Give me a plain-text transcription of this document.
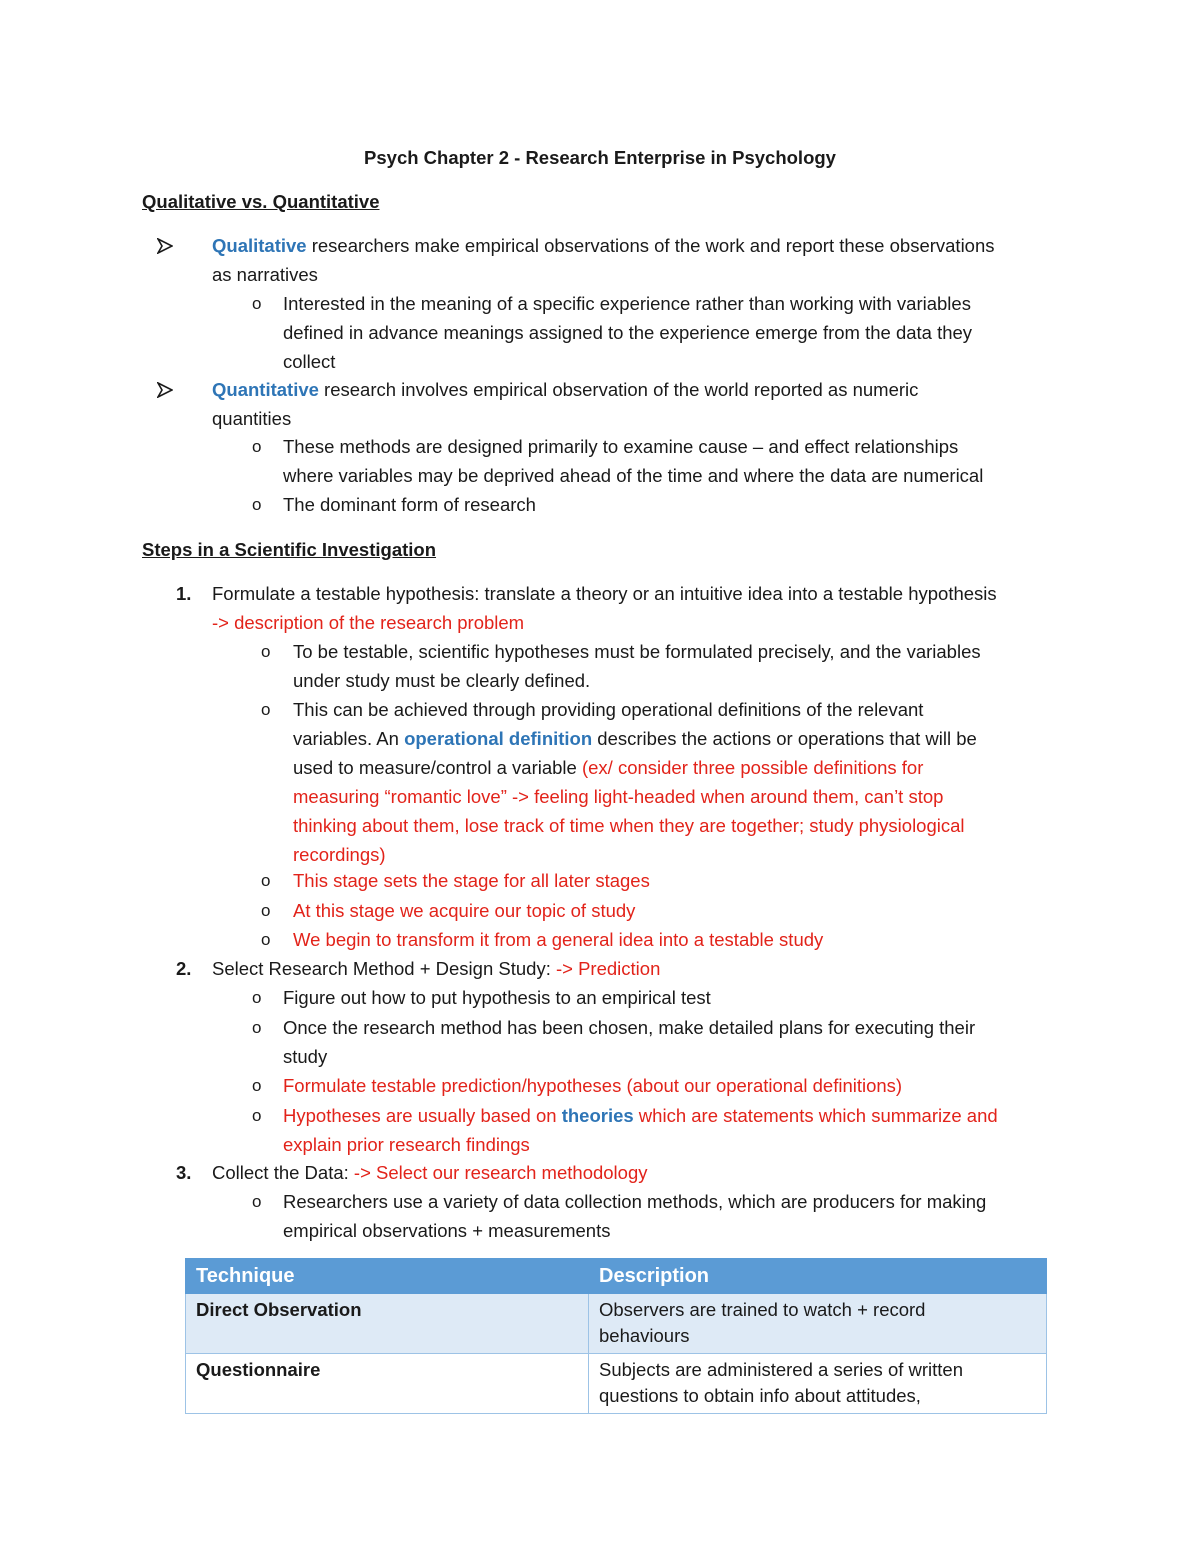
Psych Chapter 2 - Research Enterprise in Psychology
Qualitative vs. Quantitative
Qualitative researchers make empirical observations of the work and report these observations
as narratives
o	Interested in the meaning of a specific experience rather than working with variables
defined in advance meanings assigned to the experience emerge from the data they
collect
Quantitative research involves empirical observation of the world reported as numeric
quantities
o	These methods are designed primarily to examine cause – and effect relationships
where variables may be deprived ahead of the time and where the data are numerical
o	The dominant form of research
Steps in a Scientific Investigation
1. Formulate a testable hypothesis: translate a theory or an intuitive idea into a testable hypothesis
-> description of the research problem
o	To be testable, scientific hypotheses must be formulated precisely, and the variables
under study must be clearly defined.
o	This can be achieved through providing operational definitions of the relevant
variables. An operational definition describes the actions or operations that will be
used to measure/control a variable (ex/ consider three possible definitions for
measuring “romantic love” -> feeling light-headed when around them, can’t stop
thinking about them, lose track of time when they are together; study physiological
recordings)
o	This stage sets the stage for all later stages
o	At this stage we acquire our topic of study
o	We begin to transform it from a general idea into a testable study
2. Select Research Method + Design Study: -> Prediction
o	Figure out how to put hypothesis to an empirical test
o	Once the research method has been chosen, make detailed plans for executing their
study
o	Formulate testable prediction/hypotheses (about our operational definitions)
o	Hypotheses are usually based on theories which are statements which summarize and
explain prior research findings
3. Collect the Data: -> Select our research methodology
o	Researchers use a variety of data collection methods, which are producers for making
empirical observations + measurements
Technique	Description
Direct Observation	Observers are trained to watch + record
behaviours

Questionnaire	Subjects are administered a series of written
questions to obtain info about attitudes,
